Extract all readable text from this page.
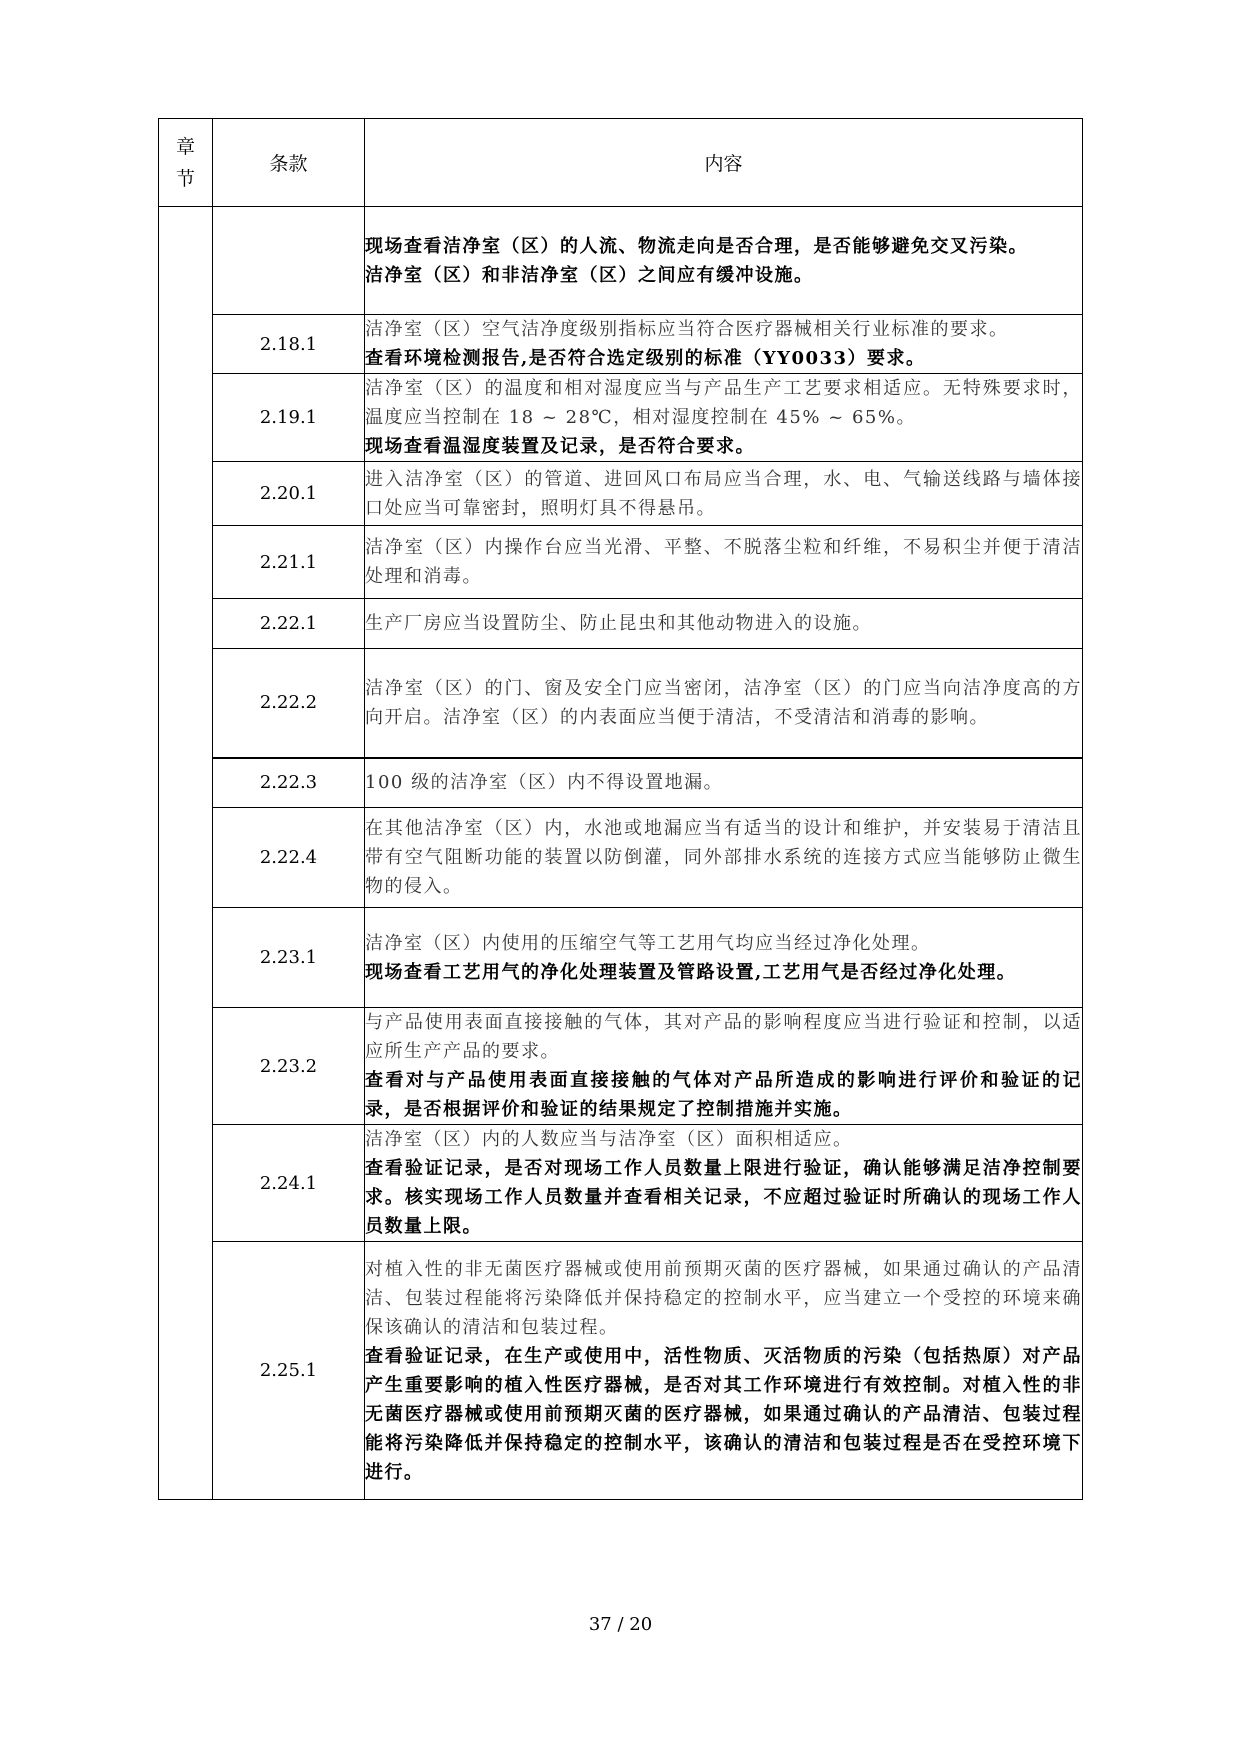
章节	条款	内容

		现场查看洁净室（区）的人流、物流走向是否合理，是否能够避免交叉污染。
洁净室（区）和非洁净室（区）之间应有缓冲设施。

	2.18.1	洁净室（区）空气洁净度级别指标应当符合医疗器械相关行业标准的要求。
查看环境检测报告,是否符合选定级别的标准（YY0033）要求。

	2.19.1	洁净室（区）的温度和相对湿度应当与产品生产工艺要求相适应。无特殊要求时，温度应当控制在 18 ~ 28℃，相对湿度控制在 45% ~ 65%。
现场查看温湿度装置及记录，是否符合要求。

	2.20.1	进入洁净室（区）的管道、进回风口布局应当合理，水、电、气输送线路与墙体接口处应当可靠密封，照明灯具不得悬吊。

	2.21.1	洁净室（区）内操作台应当光滑、平整、不脱落尘粒和纤维，不易积尘并便于清洁处理和消毒。

	2.22.1	生产厂房应当设置防尘、防止昆虫和其他动物进入的设施。

	2.22.2	洁净室（区）的门、窗及安全门应当密闭，洁净室（区）的门应当向洁净度高的方向开启。洁净室（区）的内表面应当便于清洁，不受清洁和消毒的影响。

	2.22.3	100 级的洁净室（区）内不得设置地漏。

	2.22.4	在其他洁净室（区）内，水池或地漏应当有适当的设计和维护，并安装易于清洁且带有空气阻断功能的装置以防倒灌，同外部排水系统的连接方式应当能够防止微生物的侵入。

	2.23.1	洁净室（区）内使用的压缩空气等工艺用气均应当经过净化处理。
现场查看工艺用气的净化处理装置及管路设置,工艺用气是否经过净化处理。

	2.23.2	与产品使用表面直接接触的气体，其对产品的影响程度应当进行验证和控制，以适应所生产产品的要求。
查看对与产品使用表面直接接触的气体对产品所造成的影响进行评价和验证的记录，是否根据评价和验证的结果规定了控制措施并实施。

	2.24.1	洁净室（区）内的人数应当与洁净室（区）面积相适应。
查看验证记录，是否对现场工作人员数量上限进行验证，确认能够满足洁净控制要求。核实现场工作人员数量并查看相关记录，不应超过验证时所确认的现场工作人员数量上限。

	2.25.1	对植入性的非无菌医疗器械或使用前预期灭菌的医疗器械，如果通过确认的产品清洁、包装过程能将污染降低并保持稳定的控制水平，应当建立一个受控的环境来确保该确认的清洁和包装过程。
查看验证记录，在生产或使用中，活性物质、灭活物质的污染（包括热原）对产品产生重要影响的植入性医疗器械，是否对其工作环境进行有效控制。对植入性的非无菌医疗器械或使用前预期灭菌的医疗器械，如果通过确认的产品清洁、包装过程能将污染降低并保持稳定的控制水平，该确认的清洁和包装过程是否在受控环境下进行。
37 / 20
